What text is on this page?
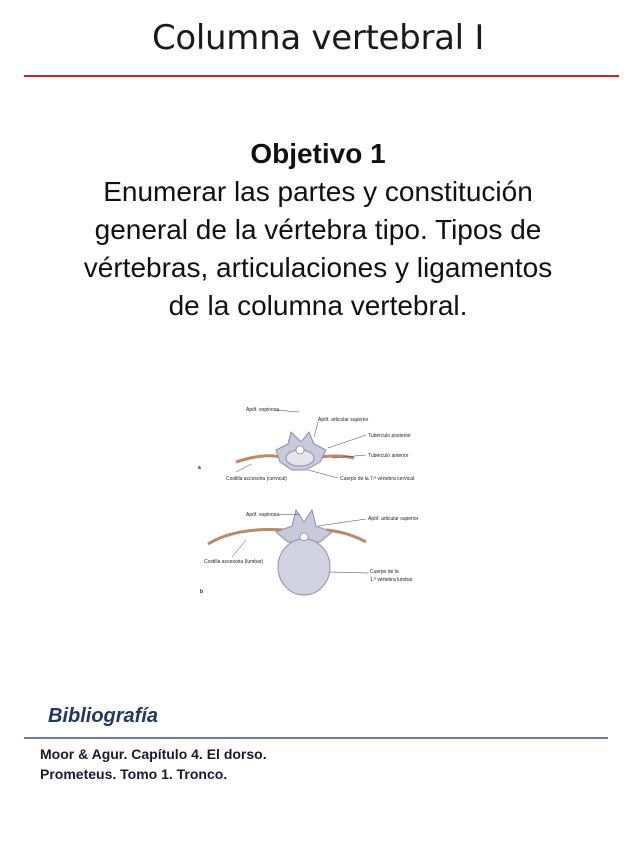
Columna vertebral I
Objetivo 1
Enumerar las partes y constitución
general de la vértebra tipo. Tipos de
vértebras, articulaciones y ligamentos
de la columna vertebral.
Apóf. espinosa
Apóf. articular superior
Tubérculo posterior
Tubérculo anterior
a
Costilla accesoria (cervical)	Cuerpo de la 7.ª vértebra cervical
Apóf. espinosa
Apóf. articular superior
Costilla accesoria (lumbar)
Cuerpo de la
1.ª vértebra lumbar
b
Bibliografía
Moor & Agur. Capítulo 4. El dorso.
Prometeus. Tomo 1. Tronco.
